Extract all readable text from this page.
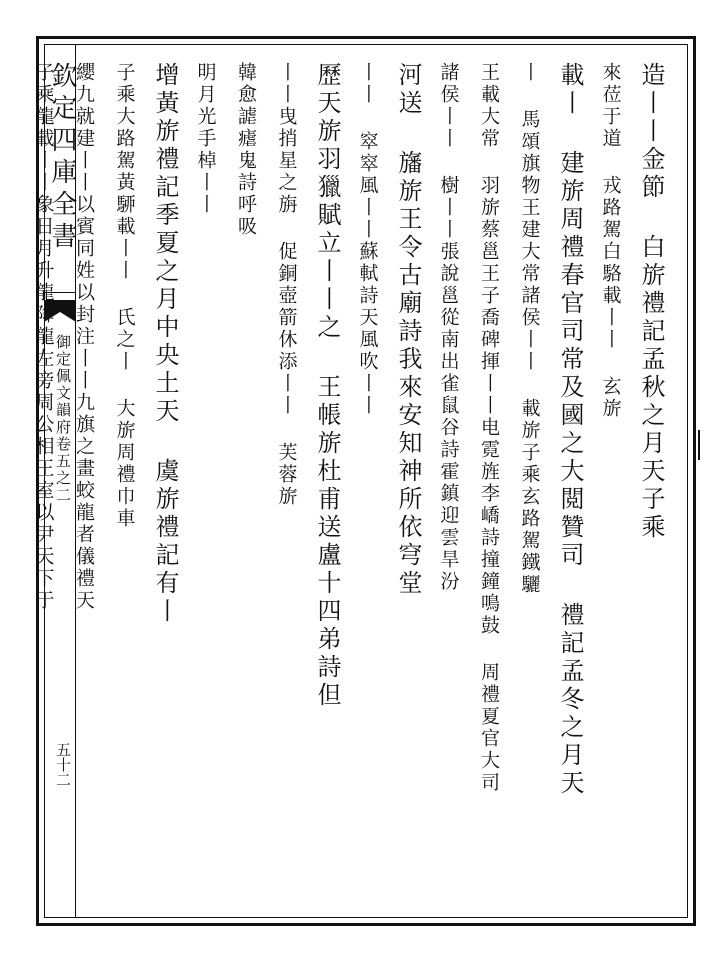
欽定四庫全書
御定佩文韻府卷五之二
五十二
造丨丨金節 白旂禮記孟秋之月天子乘
來莅于道 戎路駕白駱載丨丨 玄旂
載丨 建旂周禮春官司常及國之大閲贊司 禮記孟冬之月天
丨 馬頌旗物王建大常諸侯丨丨 載旂子乘玄路駕鐵驪
王載大常 羽旂蔡邕王子喬碑揮丨丨电霓旌李嶠詩撞鐘鳴鼓 周禮夏官大司
諸侯丨丨 樹丨丨張說邕從南出雀鼠谷詩霍鎮迎雲旱汾
河送 旛旂王令古廟詩我來安知神所依穹堂
丨丨 窣窣風丨丨蘇軾詩天風吹丨丨
歷天旂羽獵賦立丨丨之 王帳旂杜甫送盧十四弟詩但
丨丨曳捎星之旃 促銅壺箭休添丨丨 芙蓉旂
韓愈謔瘧鬼詩呼吸
明月光手棹丨丨
增黃旂禮記季夏之月中央土天 虞旂禮記有丨
子乘大路駕黃駵載丨丨 氏之丨 大旂周禮巾車
纓九就建丨丨以賓同姓以封注丨丨九旗之畫蛟龍者儀禮天
子乘龍載丨丨象日月升龍降龍左旁周公相王室以尹天下于
